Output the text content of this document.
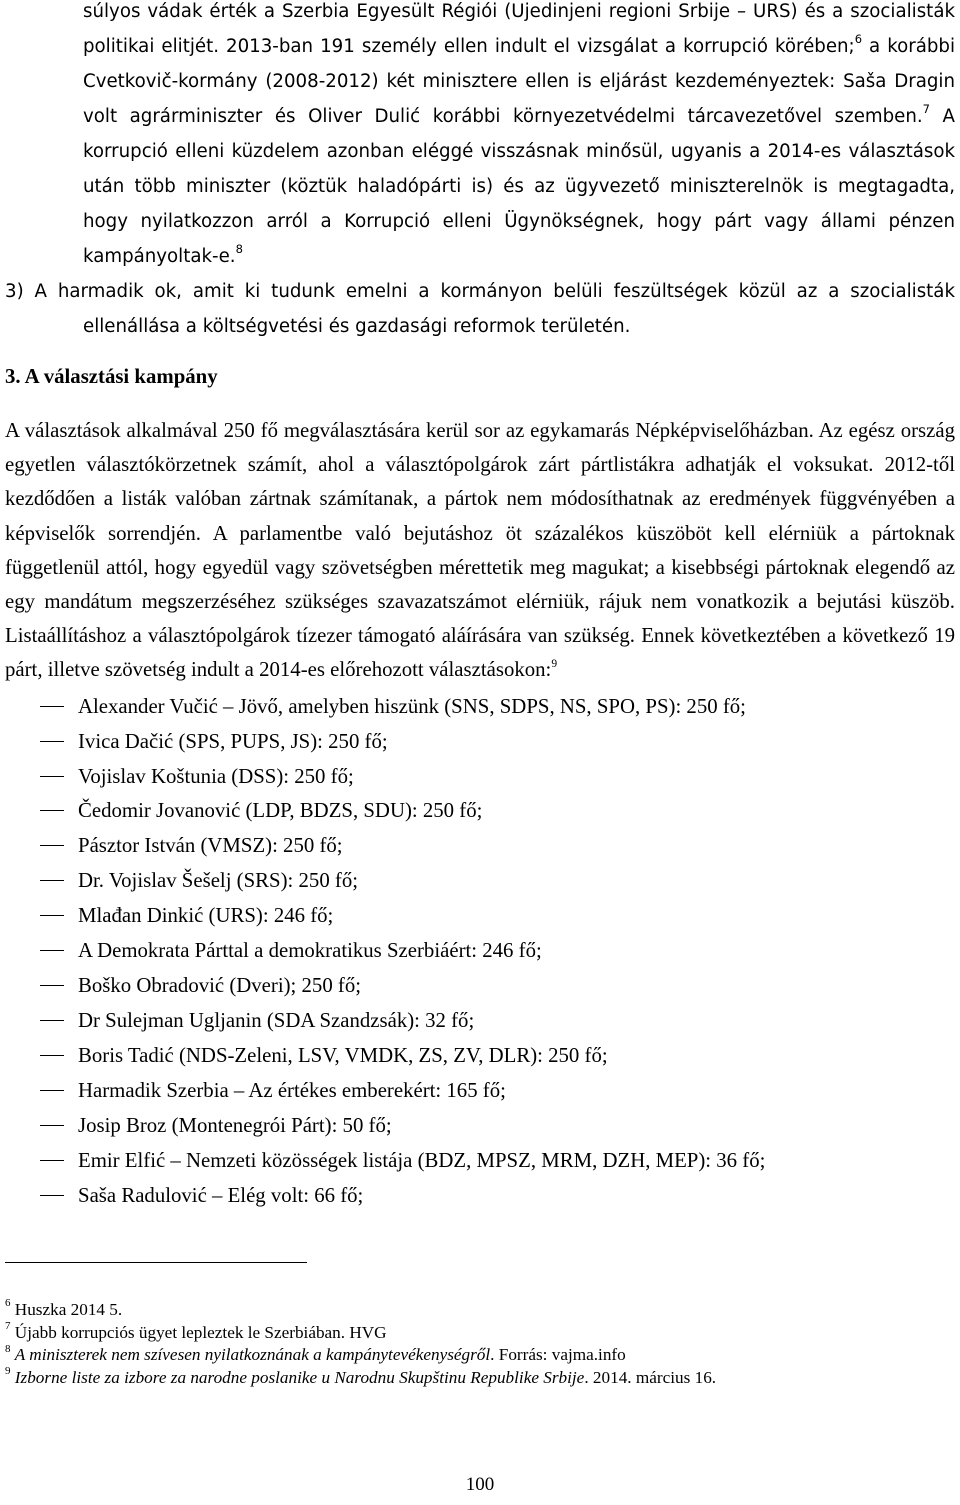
súlyos vádak érték a Szerbia Egyesült Régiói (Ujedinjeni regioni Srbije – URS) és a szocialisták politikai elitjét. 2013-ban 191 személy ellen indult el vizsgálat a korrupció körében;$^6$ a korábbi Cvetkovič-kormány (2008-2012) két minisztere ellen is eljárást kezdeményeztek: Saša Dragin volt agrárminiszter és Oliver Dulić korábbi környezetvédelmi tárcavezetővel szemben.$^7$ A korrupció elleni küzdelem azonban eléggé visszásnak minősül, ugyanis a 2014-es választások után több miniszter (köztük haladópárti is) és az ügyvezető miniszterelnök is megtagadta, hogy nyilatkozzon arról a Korrupció elleni Ügynökségnek, hogy párt vagy állami pénzen kampányoltak-e.$^8$

3) A harmadik ok, amit ki tudunk emelni a kormányon belüli feszültségek közül az a szocialisták ellenállása a költségvetési és gazdasági reformok területén.

3. A választási kampány

A választások alkalmával 250 fő megválasztására kerül sor az egykamarás Népképviselőházban. Az egész ország egyetlen választókörzetnek számít, ahol a választópolgárok zárt pártlistákra adhatják el voksukat. 2012-től kezdődően a listák valóban zártnak számítanak, a pártok nem módosíthatnak az eredmények függvényében a képviselők sorrendjén. A parlamentbe való bejutáshoz öt százalékos küszöböt kell elérniük a pártoknak függetlenül attól, hogy egyedül vagy szövetségben mérettetik meg magukat; a kisebbségi pártoknak elegendő az egy mandátum megszerzéséhez szükséges szavazatszámot elérniük, rájuk nem vonatkozik a bejutási küszöb. Listaállításhoz a választópolgárok tízezer támogató aláírására van szükség. Ennek következtében a következő 19 párt, illetve szövetség indult a 2014-es előrehozott választásokon:$^9$

Alexander Vučić – Jövő, amelyben hiszünk (SNS, SDPS, NS, SPO, PS): 250 fő;
Ivica Dačić (SPS, PUPS, JS): 250 fő;
Vojislav Koštunia (DSS): 250 fő;
Čedomir Jovanović (LDP, BDZS, SDU): 250 fő;
Pásztor István (VMSZ): 250 fő;
Dr. Vojislav Šešelj (SRS): 250 fő;
Mlađan Dinkić (URS): 246 fő;
A Demokrata Párttal a demokratikus Szerbiáért: 246 fő;
Boško Obradović (Dveri); 250 fő;
Dr Sulejman Ugljanin (SDA Szandzsák): 32 fő;
Boris Tadić (NDS-Zeleni, LSV, VMDK, ZS, ZV, DLR): 250 fő;
Harmadik Szerbia – Az értékes emberekért: 165 fő;
Josip Broz (Montenegrói Párt): 50 fő;
Emir Elfić – Nemzeti közösségek listája (BDZ, MPSZ, MRM, DZH, MEP): 36 fő;
Saša Radulović – Elég volt: 66 fő;
$^6$ Huszka 2014 5.
$^7$ Újabb korrupciós ügyet lepleztek le Szerbiában. HVG
$^8$ A miniszterek nem szívesen nyilatkoznának a kampánytevékenységről. Forrás: vajma.info
$^9$ Izborne liste za izbore za narodne poslanike u Narodnu Skupštinu Republike Srbije. 2014. március 16.
100
